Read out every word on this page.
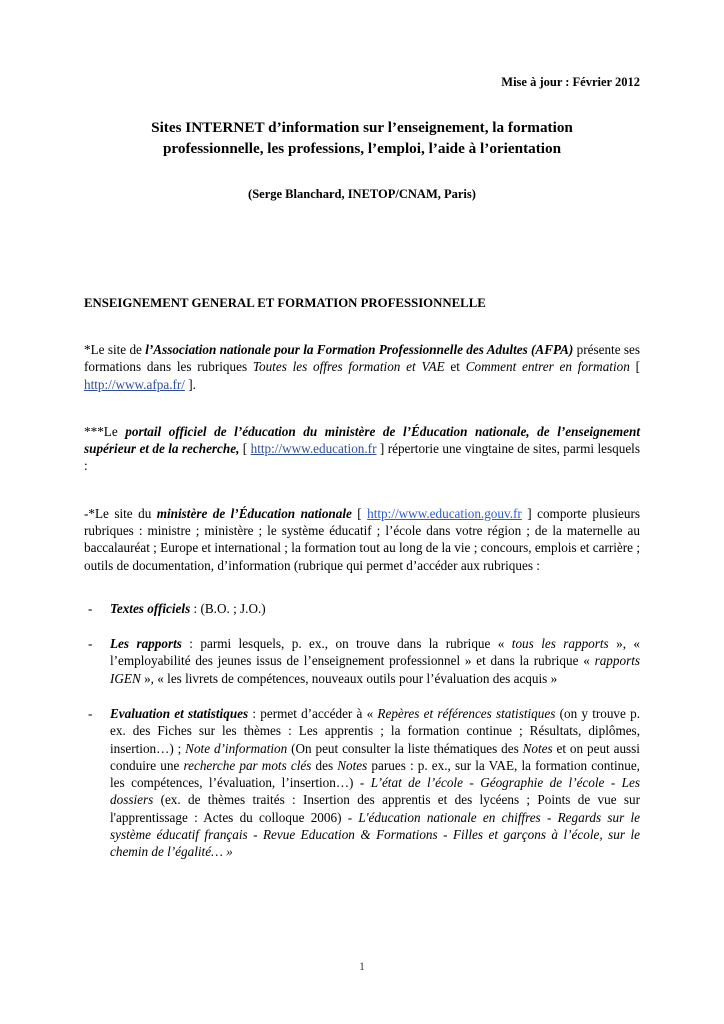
Mise à jour : Février 2012
Sites INTERNET d’information sur l’enseignement, la formation
professionnelle, les professions, l’emploi, l’aide à l’orientation
(Serge Blanchard, INETOP/CNAM, Paris)
ENSEIGNEMENT GENERAL ET FORMATION PROFESSIONNELLE
*Le site de l’Association nationale pour la Formation Professionnelle des Adultes (AFPA) présente ses formations dans les rubriques Toutes les offres formation et VAE et Comment entrer en formation [ http://www.afpa.fr/ ].
***Le portail officiel de l’éducation du ministère de l’Éducation nationale, de l’enseignement supérieur et de la recherche, [ http://www.education.fr ] répertorie une vingtaine de sites, parmi lesquels :
-*Le site du ministère de l’Éducation nationale [ http://www.education.gouv.fr ] comporte plusieurs rubriques : ministre ; ministère ; le système éducatif ; l’école dans votre région ; de la maternelle au baccalauréat ; Europe et international ; la formation tout au long de la vie ; concours, emplois et carrière ; outils de documentation, d’information (rubrique qui permet d’accéder aux rubriques :
-	Textes officiels : (B.O. ; J.O.)
-	Les rapports : parmi lesquels, p. ex., on trouve dans la rubrique « tous les rapports », « l’employabilité des jeunes issus de l’enseignement professionnel » et dans la rubrique « rapports IGEN », « les livrets de compétences, nouveaux outils pour l’évaluation des acquis »
-	Evaluation et statistiques : permet d’accéder à « Repères et références statistiques (on y trouve p. ex. des Fiches sur les thèmes : Les apprentis ; la formation continue ; Résultats, diplômes, insertion…) ; Note d’information (On peut consulter la liste thématiques des Notes et on peut aussi conduire une recherche par mots clés des Notes parues : p. ex., sur la VAE, la formation continue, les compétences, l’évaluation, l’insertion…) - L’état de l’école - Géographie de l’école - Les dossiers (ex. de thèmes traités : Insertion des apprentis et des lycéens ; Points de vue sur l'apprentissage : Actes du colloque 2006) - L'éducation nationale en chiffres - Regards sur le système éducatif français - Revue Education & Formations - Filles et garçons à l’école, sur le chemin de l’égalité… »
1
